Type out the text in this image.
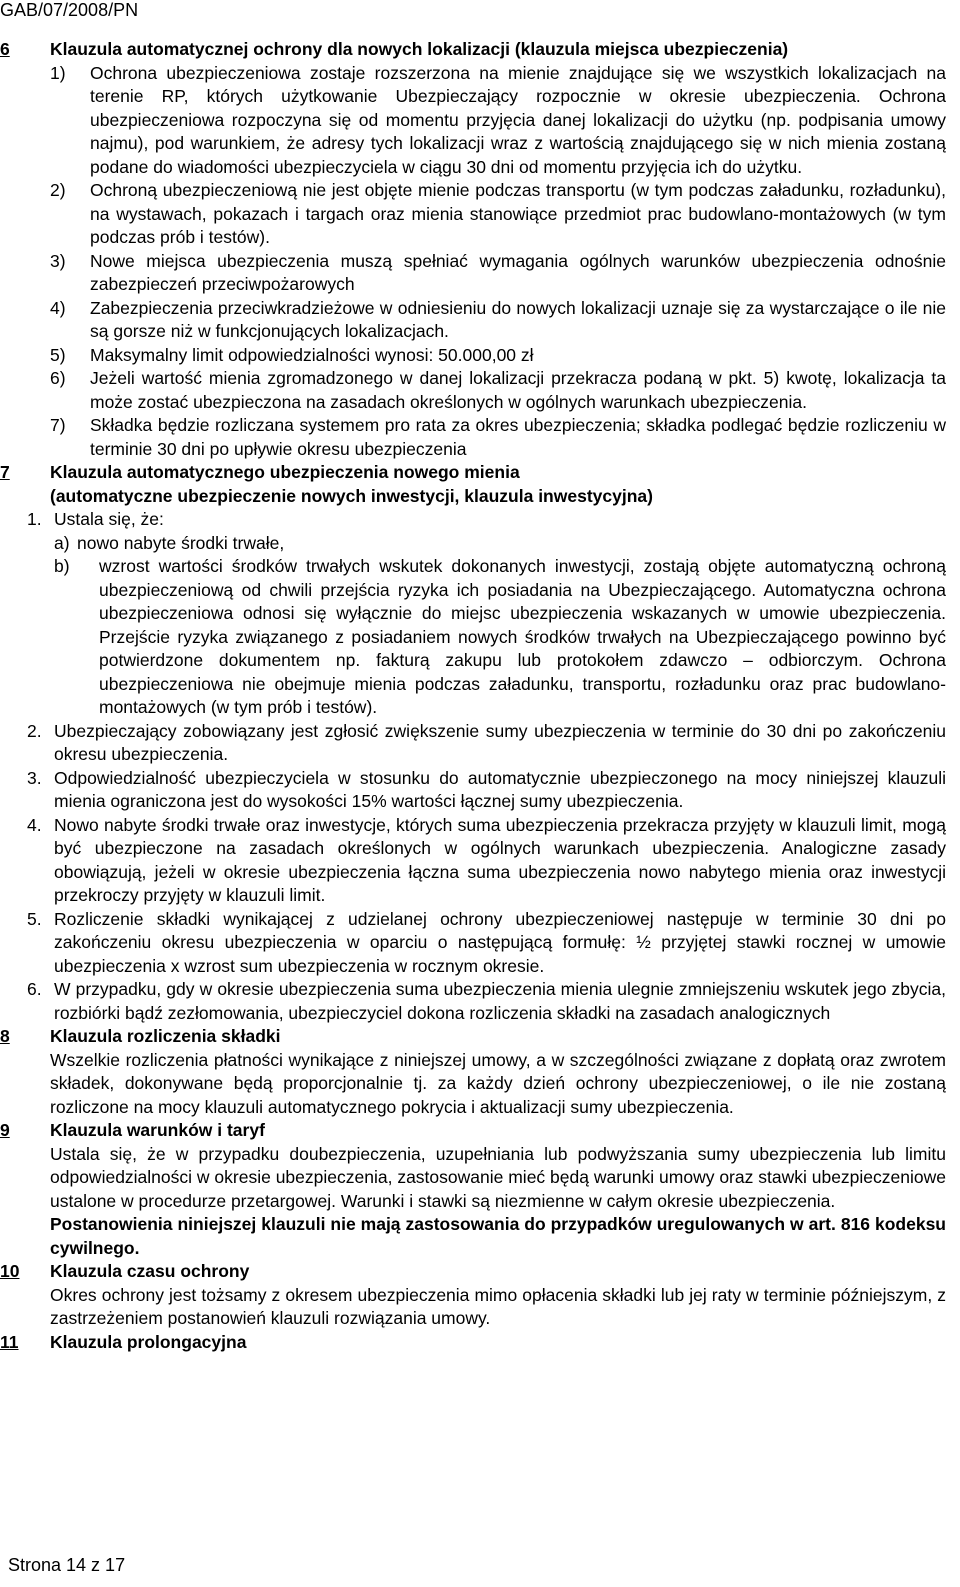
GAB/07/2008/PN
6 Klauzula automatycznej ochrony dla nowych lokalizacji (klauzula miejsca ubezpieczenia)
1) Ochrona ubezpieczeniowa zostaje rozszerzona na mienie znajdujące się we wszystkich lokalizacjach na terenie RP, których użytkowanie Ubezpieczający rozpocznie w okresie ubezpieczenia. Ochrona ubezpieczeniowa rozpoczyna się od momentu przyjęcia danej lokalizacji do użytku (np. podpisania umowy najmu), pod warunkiem, że adresy tych lokalizacji wraz z wartością znajdującego się w nich mienia zostaną podane do wiadomości ubezpieczyciela w ciągu 30 dni od momentu przyjęcia ich do użytku.

2) Ochroną ubezpieczeniową nie jest objęte mienie podczas transportu (w tym podczas załadunku, rozładunku), na wystawach, pokazach i targach oraz mienia stanowiące przedmiot prac budowlano-montażowych (w tym podczas prób i testów).

3) Nowe miejsca ubezpieczenia muszą spełniać wymagania ogólnych warunków ubezpieczenia odnośnie zabezpieczeń przeciwpożarowych

4) Zabezpieczenia przeciwkradzieżowe w odniesieniu do nowych lokalizacji uznaje się za wystarczające o ile nie są gorsze niż w funkcjonujących lokalizacjach.

5) Maksymalny limit odpowiedzialności wynosi: 50.000,00 zł

6) Jeżeli wartość mienia zgromadzonego w danej lokalizacji przekracza podaną w pkt. 5) kwotę, lokalizacja ta może zostać ubezpieczona na zasadach określonych w ogólnych warunkach ubezpieczenia.

7) Składka będzie rozliczana systemem pro rata za okres ubezpieczenia; składka podlegać będzie rozliczeniu w terminie 30 dni po upływie okresu ubezpieczenia

7 Klauzula automatycznego ubezpieczenia nowego mienia
(automatyczne ubezpieczenie nowych inwestycji, klauzula inwestycyjna)
1. Ustala się, że:

a) nowo nabyte środki trwałe,

b) wzrost wartości środków trwałych wskutek dokonanych inwestycji, zostają objęte automatyczną ochroną ubezpieczeniową od chwili przejścia ryzyka ich posiadania na Ubezpieczającego. Automatyczna ochrona ubezpieczeniowa odnosi się wyłącznie do miejsc ubezpieczenia wskazanych w umowie ubezpieczenia. Przejście ryzyka związanego z posiadaniem nowych środków trwałych na Ubezpieczającego powinno być potwierdzone dokumentem np. fakturą zakupu lub protokołem zdawczo – odbiorczym. Ochrona ubezpieczeniowa nie obejmuje mienia podczas załadunku, transportu, rozładunku oraz prac budowlano-montażowych (w tym prób i testów).

2. Ubezpieczający zobowiązany jest zgłosić zwiększenie sumy ubezpieczenia w terminie do 30 dni po zakończeniu okresu ubezpieczenia.

3. Odpowiedzialność ubezpieczyciela w stosunku do automatycznie ubezpieczonego na mocy niniejszej klauzuli mienia ograniczona jest do wysokości 15% wartości łącznej sumy ubezpieczenia.

4. Nowo nabyte środki trwałe oraz inwestycje, których suma ubezpieczenia przekracza przyjęty w klauzuli limit, mogą być ubezpieczone na zasadach określonych w ogólnych warunkach ubezpieczenia. Analogiczne zasady obowiązują, jeżeli w okresie ubezpieczenia łączna suma ubezpieczenia nowo nabytego mienia oraz inwestycji przekroczy przyjęty w klauzuli limit.

5. Rozliczenie składki wynikającej z udzielanej ochrony ubezpieczeniowej następuje w terminie 30 dni po zakończeniu okresu ubezpieczenia w oparciu o następującą formułę: ½ przyjętej stawki rocznej w umowie ubezpieczenia x wzrost sum ubezpieczenia w rocznym okresie.

6. W przypadku, gdy w okresie ubezpieczenia suma ubezpieczenia mienia ulegnie zmniejszeniu wskutek jego zbycia, rozbiórki bądź zezłomowania, ubezpieczyciel dokona rozliczenia składki na zasadach analogicznych

8 Klauzula rozliczenia składki

Wszelkie rozliczenia płatności wynikające z niniejszej umowy, a w szczególności związane z dopłatą oraz zwrotem składek, dokonywane będą proporcjonalnie tj. za każdy dzień ochrony ubezpieczeniowej, o ile nie zostaną rozliczone na mocy klauzuli automatycznego pokrycia i aktualizacji sumy ubezpieczenia.

9 Klauzula warunków i taryf

Ustala się, że w przypadku doubezpieczenia, uzupełniania lub podwyższania sumy ubezpieczenia lub limitu odpowiedzialności w okresie ubezpieczenia, zastosowanie mieć będą warunki umowy oraz stawki ubezpieczeniowe ustalone w procedurze przetargowej. Warunki i stawki są niezmienne w całym okresie ubezpieczenia.

Postanowienia niniejszej klauzuli nie mają zastosowania do przypadków uregulowanych w art. 816 kodeksu cywilnego.

10 Klauzula czasu ochrony

Okres ochrony jest tożsamy z okresem ubezpieczenia mimo opłacenia składki lub jej raty w terminie późniejszym, z zastrzeżeniem postanowień klauzuli rozwiązania umowy.

11 Klauzula prolongacyjna
Strona 14 z 17
